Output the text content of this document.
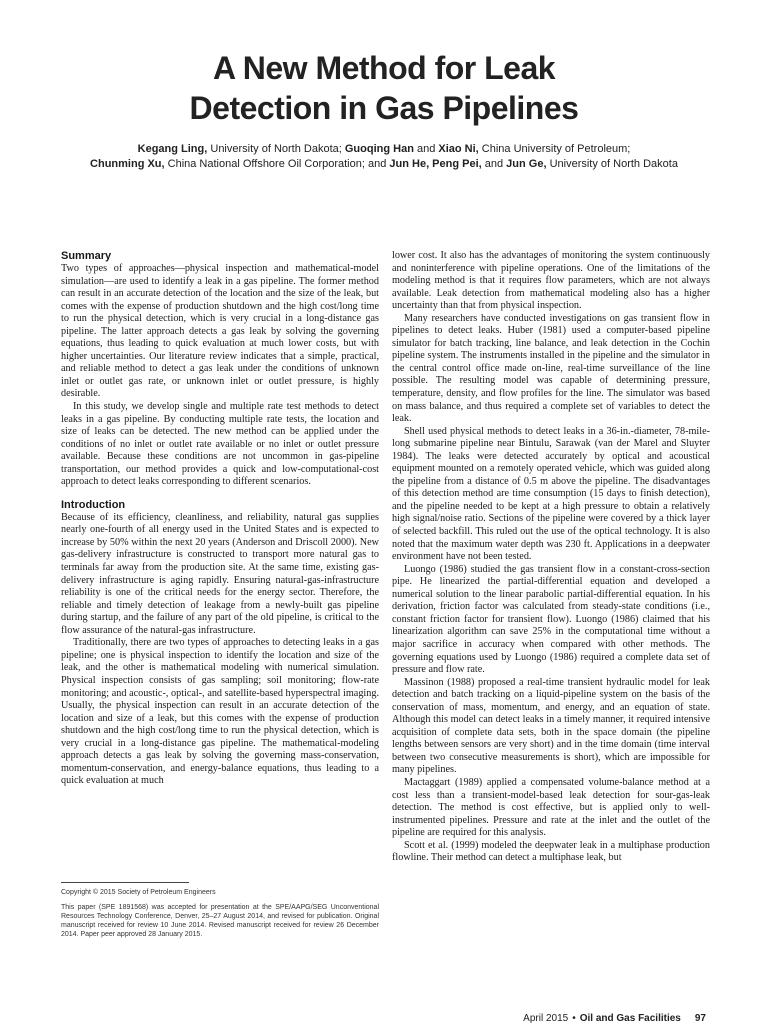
A New Method for Leak
Detection in Gas Pipelines
Kegang Ling, University of North Dakota; Guoqing Han and Xiao Ni, China University of Petroleum;
Chunming Xu, China National Offshore Oil Corporation; and Jun He, Peng Pei, and Jun Ge, University of North Dakota
Summary

Two types of approaches—physical inspection and mathematical-model simulation—are used to identify a leak in a gas pipeline. The former method can result in an accurate detection of the location and the size of the leak, but comes with the expense of production shutdown and the high cost/long time to run the physical detection, which is very crucial in a long-distance gas pipeline. The latter approach detects a gas leak by solving the governing equations, thus leading to quick evaluation at much lower costs, but with higher uncertainties. Our literature review indicates that a simple, practical, and reliable method to detect a gas leak under the conditions of unknown inlet or outlet gas rate, or unknown inlet or outlet pressure, is highly desirable.

In this study, we develop single and multiple rate test methods to detect leaks in a gas pipeline. By conducting multiple rate tests, the location and size of leaks can be detected. The new method can be applied under the conditions of no inlet or outlet rate available or no inlet or outlet pressure available. Because these conditions are not uncommon in gas-pipeline transportation, our method provides a quick and low-computational-cost approach to detect leaks corresponding to different scenarios.

Introduction

Because of its efficiency, cleanliness, and reliability, natural gas supplies nearly one-fourth of all energy used in the United States and is expected to increase by 50% within the next 20 years (Anderson and Driscoll 2000). New gas-delivery infrastructure is constructed to transport more natural gas to terminals far away from the production site. At the same time, existing gas-delivery infrastructure is aging rapidly. Ensuring natural-gas-infrastructure reliability is one of the critical needs for the energy sector. Therefore, the reliable and timely detection of leakage from a newly-built gas pipeline during startup, and the failure of any part of the old pipeline, is critical to the flow assurance of the natural-gas infrastructure.

Traditionally, there are two types of approaches to detecting leaks in a gas pipeline; one is physical inspection to identify the location and size of the leak, and the other is mathematical modeling with numerical simulation. Physical inspection consists of gas sampling; soil monitoring; flow-rate monitoring; and acoustic-, optical-, and satellite-based hyperspectral imaging. Usually, the physical inspection can result in an accurate detection of the location and size of a leak, but this comes with the expense of production shutdown and the high cost/long time to run the physical detection, which is very crucial in a long-distance gas pipeline. The mathematical-modeling approach detects a gas leak by solving the governing mass-conservation, momentum-conservation, and energy-balance equations, thus leading to a quick evaluation at much

lower cost. It also has the advantages of monitoring the system continuously and noninterference with pipeline operations. One of the limitations of the modeling method is that it requires flow parameters, which are not always available. Leak detection from mathematical modeling also has a higher uncertainty than that from physical inspection.

Many researchers have conducted investigations on gas transient flow in pipelines to detect leaks. Huber (1981) used a computer-based pipeline simulator for batch tracking, line balance, and leak detection in the Cochin pipeline system. The instruments installed in the pipeline and the simulator in the central control office made on-line, real-time surveillance of the line possible. The resulting model was capable of determining pressure, temperature, density, and flow profiles for the line. The simulator was based on mass balance, and thus required a complete set of variables to detect the leak.

Shell used physical methods to detect leaks in a 36-in.-diameter, 78-mile-long submarine pipeline near Bintulu, Sarawak (van der Marel and Sluyter 1984). The leaks were detected accurately by optical and acoustical equipment mounted on a remotely operated vehicle, which was guided along the pipeline from a distance of 0.5 m above the pipeline. The disadvantages of this detection method are time consumption (15 days to finish detection), and the pipeline needed to be kept at a high pressure to obtain a relatively high signal/noise ratio. Sections of the pipeline were covered by a thick layer of selected backfill. This ruled out the use of the optical technology. It is also noted that the maximum water depth was 230 ft. Applications in a deepwater environment have not been tested.

Luongo (1986) studied the gas transient flow in a constant-cross-section pipe. He linearized the partial-differential equation and developed a numerical solution to the linear parabolic partial-differential equation. In his derivation, friction factor was calculated from steady-state conditions (i.e., constant friction factor for transient flow). Luongo (1986) claimed that his linearization algorithm can save 25% in the computational time without a major sacrifice in accuracy when compared with other methods. The governing equations used by Luongo (1986) required a complete data set of pressure and flow rate.

Massinon (1988) proposed a real-time transient hydraulic model for leak detection and batch tracking on a liquid-pipeline system on the basis of the conservation of mass, momentum, and energy, and an equation of state. Although this model can detect leaks in a timely manner, it required intensive acquisition of complete data sets, both in the space domain (the pipeline lengths between sensors are very short) and in the time domain (time interval between two consecutive measurements is short), which are impossible for many pipelines.

Mactaggart (1989) applied a compensated volume-balance method at a cost less than a transient-model-based leak detection for sour-gas-leak detection. The method is cost effective, but is applied only to well-instrumented pipelines. Pressure and rate at the inlet and the outlet of the pipeline are required for this analysis.

Scott et al. (1999) modeled the deepwater leak in a multiphase production flowline. Their method can detect a multiphase leak, but

Copyright © 2015 Society of Petroleum Engineers

This paper (SPE 1891568) was accepted for presentation at the SPE/AAPG/SEG Unconventional Resources Technology Conference, Denver, 25–27 August 2014, and revised for publication. Original manuscript received for review 10 June 2014. Revised manuscript received for review 26 December 2014. Paper peer approved 28 January 2015.

April 2015 • Oil and Gas Facilities 97
